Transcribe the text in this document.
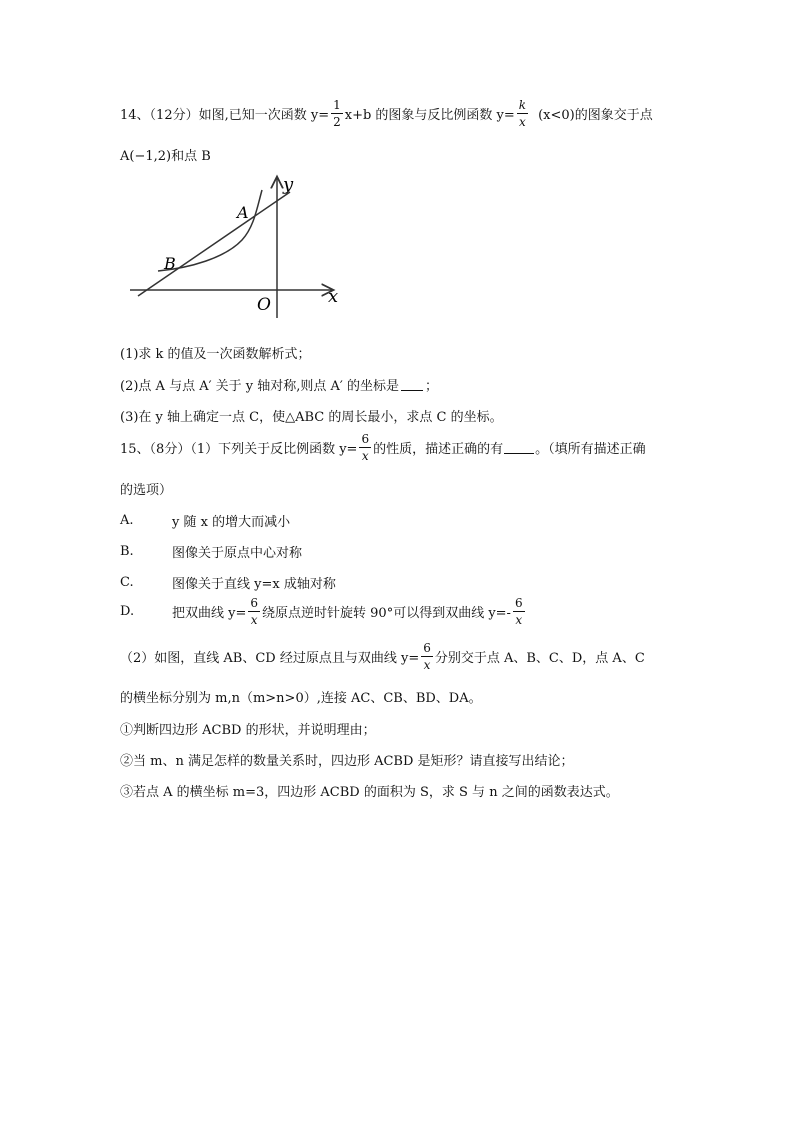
14、（12分）如图,已知一次函数 $y= \frac{1}{2} x+b$ 的图象与反比例函数 $y= \frac{k}{x} (x<0)$的图象交于点
A(−1,2)和点 B
y
x
O
A
B
(1)求 k 的值及一次函数解析式；
(2)点 A 与点 A′ 关于 y 轴对称,则点 A′ 的坐标是 ；
(3)在 y 轴上确定一点 C，使△ABC 的周长最小，求点 C 的坐标。
15、（8分）（1）下列关于反比例函数 $y= \frac{6}{x}$ 的性质，描述正确的有 。（填所有描述正确
的选项）
A.	y 随 x 的增大而减小
B.	图像关于原点中心对称
C.	图像关于直线 y=x 成轴对称
D.	把双曲线 $y= \frac{6}{x}$ 绕原点逆时针旋转 90°可以得到双曲线 $y=- \frac{6}{x}$
（2）如图，直线 AB、CD 经过原点且与双曲线 $y= \frac{6}{x}$ 分别交于点 A、B、C、D，点 A、C
的横坐标分别为 m,n（m>n>0）,连接 AC、CB、BD、DA。
①判断四边形 ACBD 的形状，并说明理由；
②当 m、n 满足怎样的数量关系时，四边形 ACBD 是矩形？请直接写出结论；
③若点 A 的横坐标 m=3，四边形 ACBD 的面积为 S，求 S 与 n 之间的函数表达式。
